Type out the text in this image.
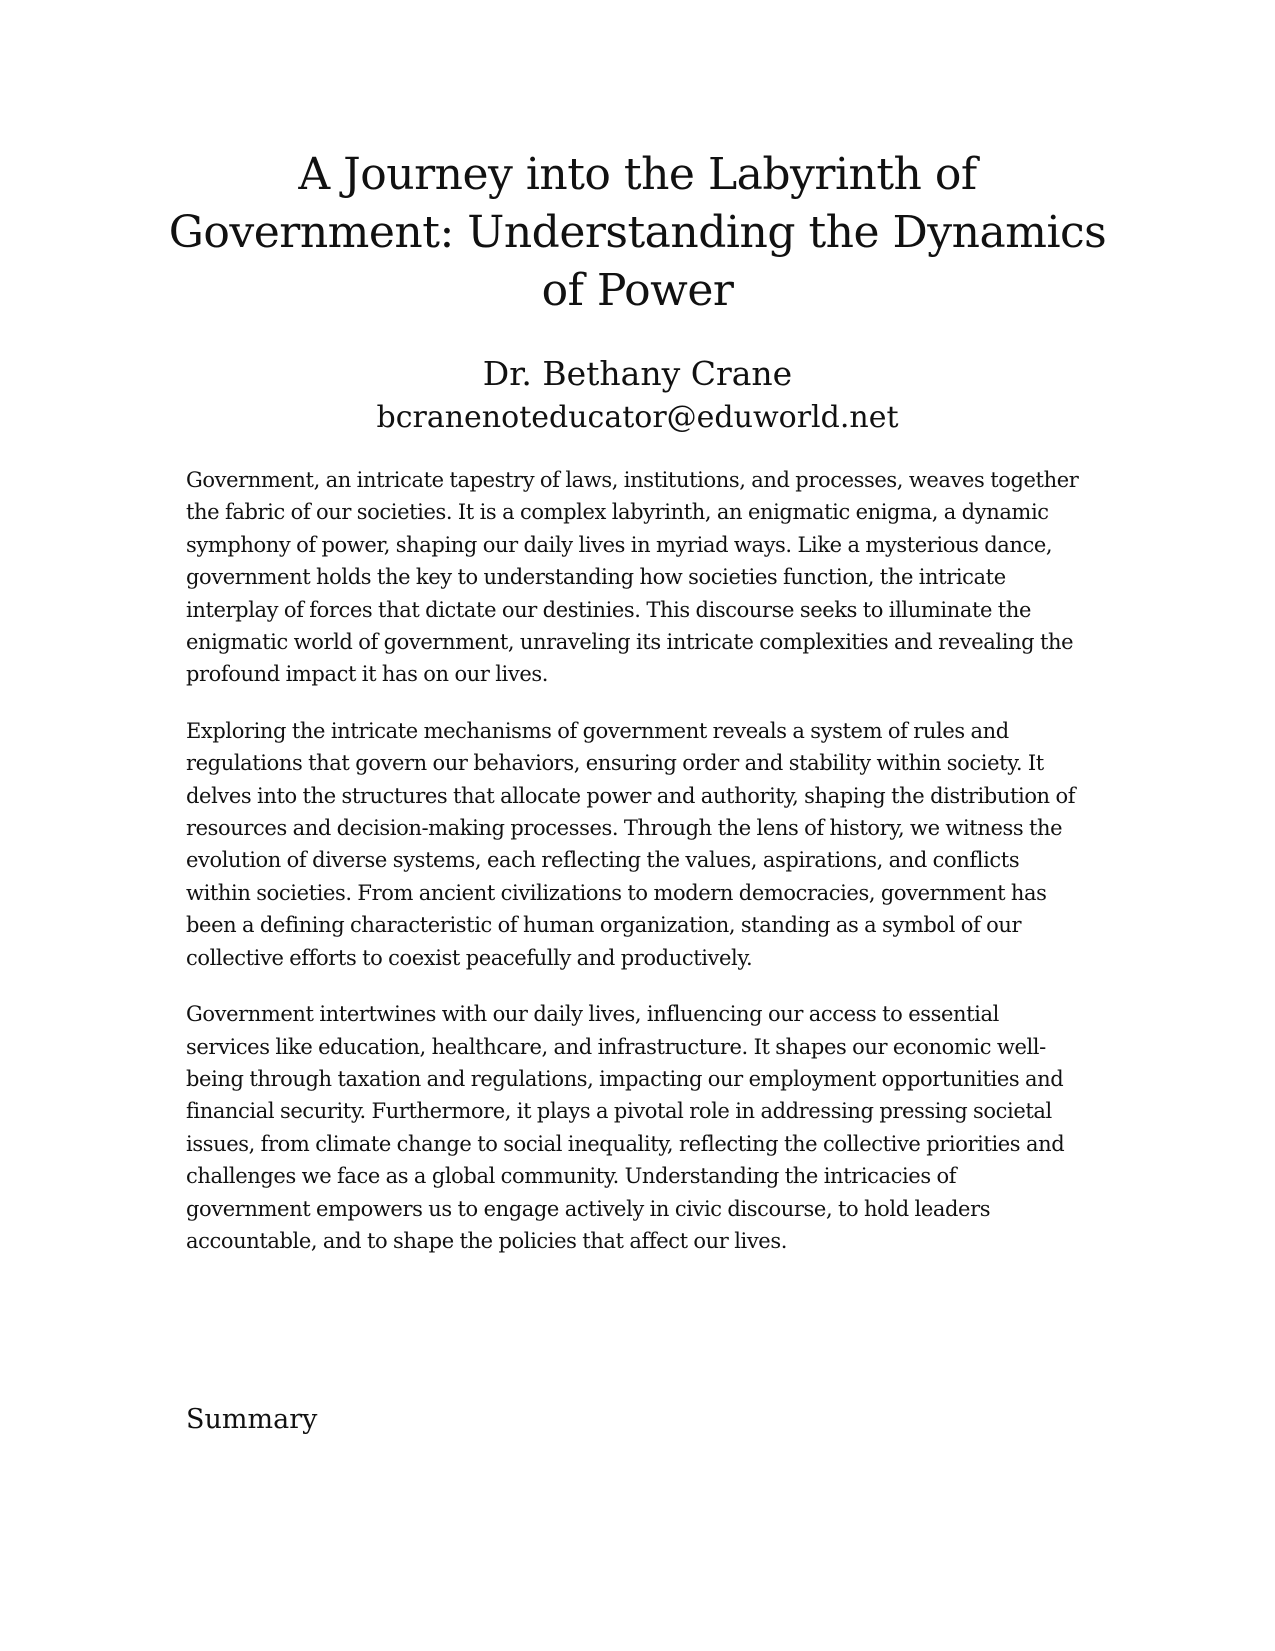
A Journey into the Labyrinth of Government: Understanding the Dynamics of Power
Dr. Bethany Crane
bcranenoteducator@eduworld.net

Government, an intricate tapestry of laws, institutions, and processes, weaves together the fabric of our societies. It is a complex labyrinth, an enigmatic enigma, a dynamic symphony of power, shaping our daily lives in myriad ways. Like a mysterious dance, government holds the key to understanding how societies function, the intricate interplay of forces that dictate our destinies. This discourse seeks to illuminate the enigmatic world of government, unraveling its intricate complexities and revealing the profound impact it has on our lives.

Exploring the intricate mechanisms of government reveals a system of rules and regulations that govern our behaviors, ensuring order and stability within society. It delves into the structures that allocate power and authority, shaping the distribution of resources and decision-making processes. Through the lens of history, we witness the evolution of diverse systems, each reflecting the values, aspirations, and conflicts within societies. From ancient civilizations to modern democracies, government has been a defining characteristic of human organization, standing as a symbol of our collective efforts to coexist peacefully and productively.

Government intertwines with our daily lives, influencing our access to essential services like education, healthcare, and infrastructure. It shapes our economic well-being through taxation and regulations, impacting our employment opportunities and financial security. Furthermore, it plays a pivotal role in addressing pressing societal issues, from climate change to social inequality, reflecting the collective priorities and challenges we face as a global community. Understanding the intricacies of government empowers us to engage actively in civic discourse, to hold leaders accountable, and to shape the policies that affect our lives.

Summary
